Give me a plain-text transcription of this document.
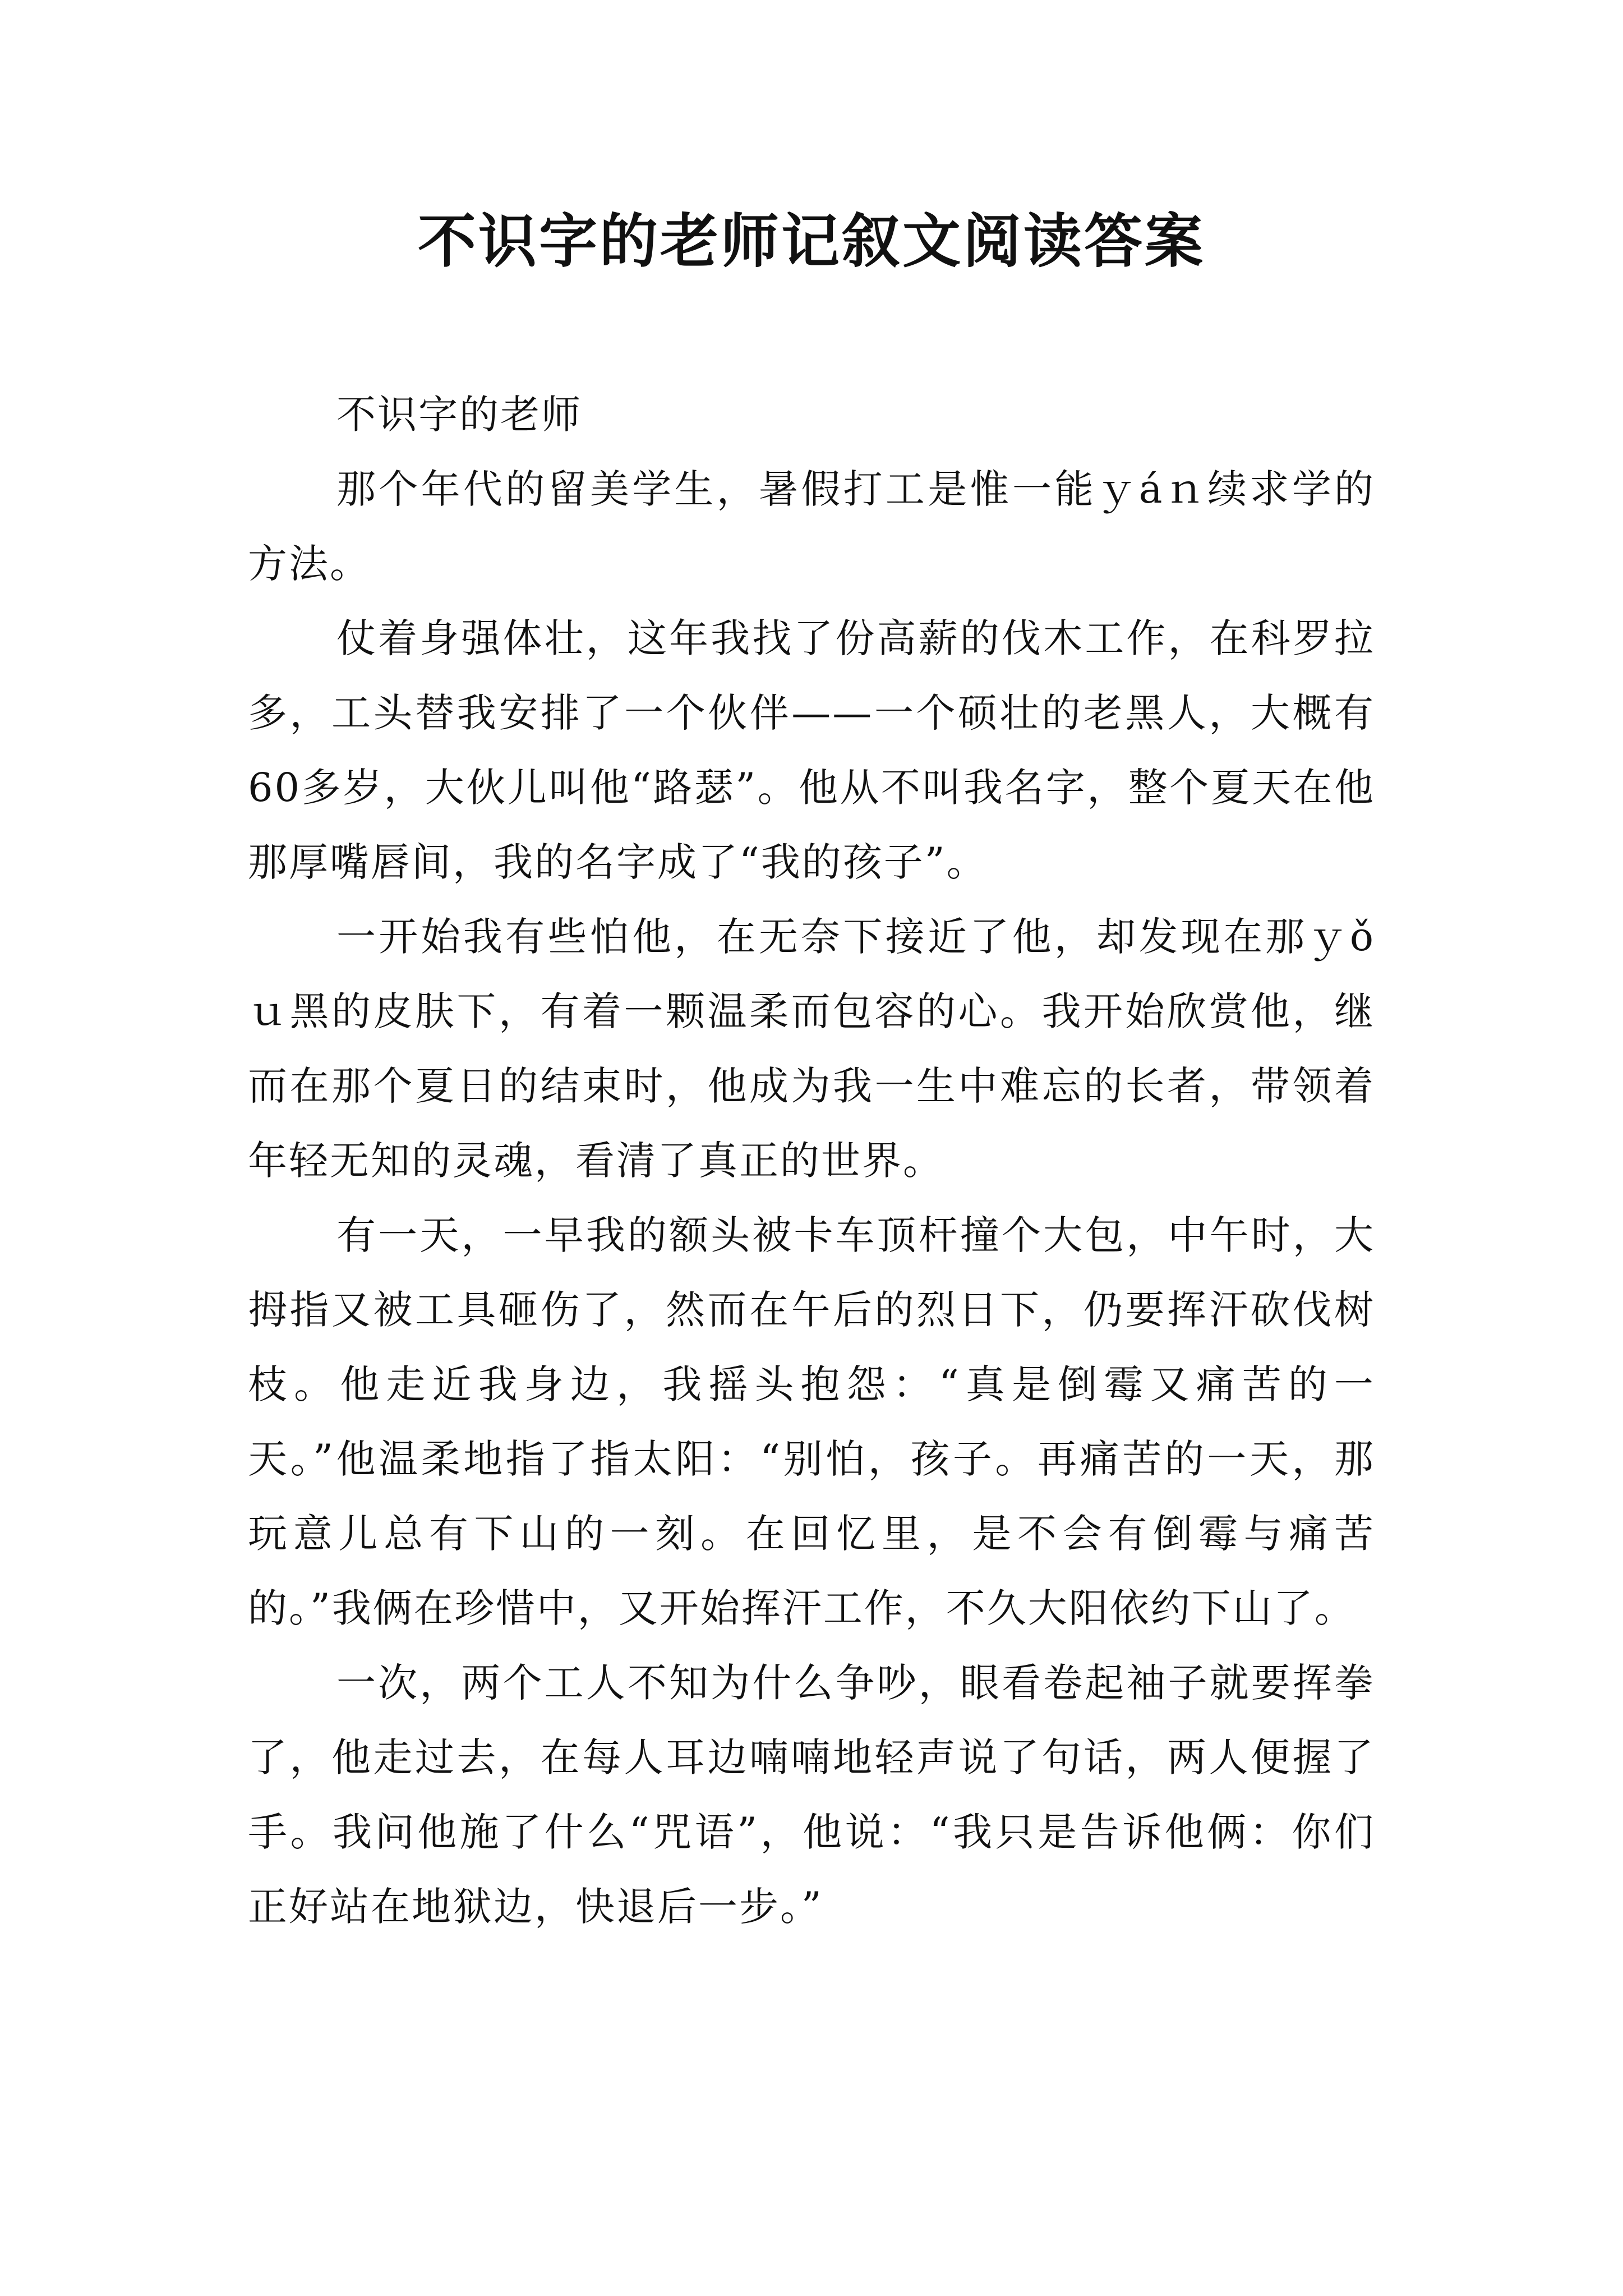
不识字的老师记叙文阅读答案

不识字的老师

那个年代的留美学生，暑假打工是惟一能ｙáｎ续求学的方法。

仗着身强体壮，这年我找了份高薪的伐木工作，在科罗拉多，工头替我安排了一个伙伴——一个硕壮的老黑人，大概有60多岁，大伙儿叫他“路瑟”。他从不叫我名字，整个夏天在他那厚嘴唇间，我的名字成了“我的孩子”。

一开始我有些怕他，在无奈下接近了他，却发现在那ｙǒｕ黑的皮肤下，有着一颗温柔而包容的心。我开始欣赏他，继而在那个夏日的结束时，他成为我一生中难忘的长者，带领着年轻无知的灵魂，看清了真正的世界。

有一天，一早我的额头被卡车顶杆撞个大包，中午时，大拇指又被工具砸伤了，然而在午后的烈日下，仍要挥汗砍伐树枝。他走近我身边，我摇头抱怨：“真是倒霉又痛苦的一天。”他温柔地指了指太阳：“别怕，孩子。再痛苦的一天，那玩意儿总有下山的一刻。在回忆里，是不会有倒霉与痛苦的。”我俩在珍惜中，又开始挥汗工作，不久大阳依约下山了。

一次，两个工人不知为什么争吵，眼看卷起袖子就要挥拳了，他走过去，在每人耳边喃喃地轻声说了句话，两人便握了手。我问他施了什么“咒语”，他说：“我只是告诉他俩：你们正好站在地狱边，快退后一步。”
